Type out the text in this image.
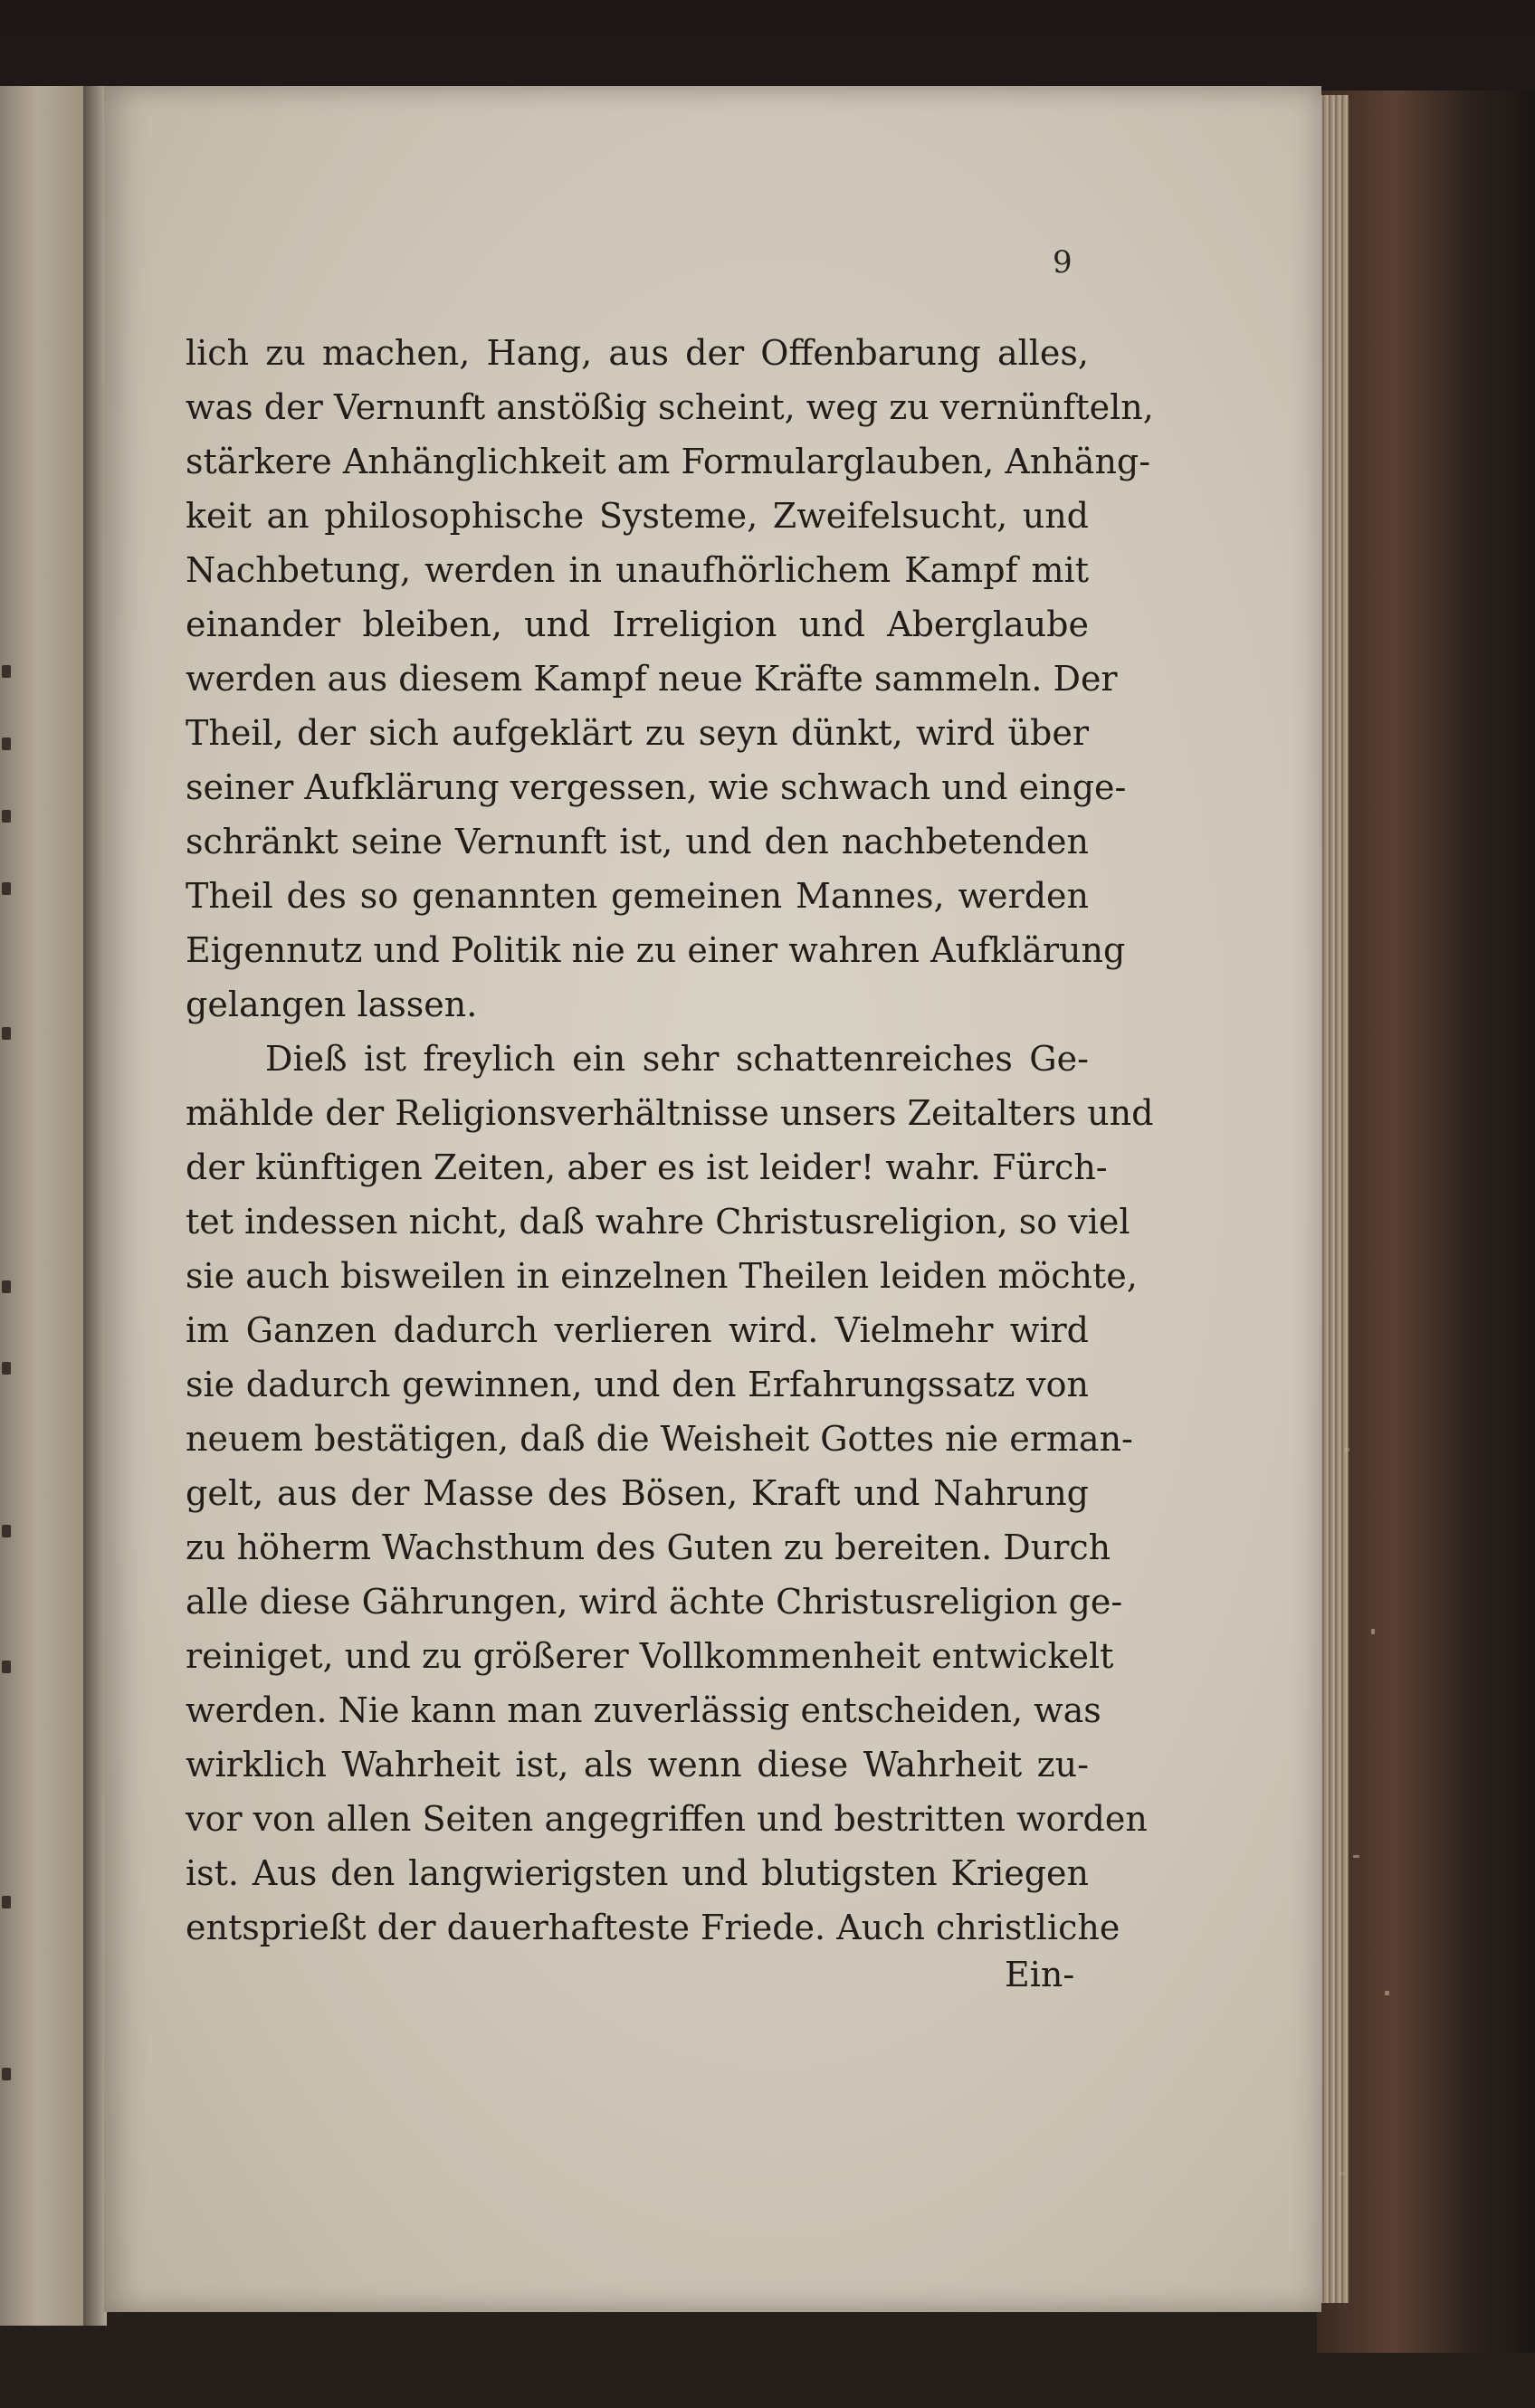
9
lich zu machen, Hang, aus der Offenbarung alles,
was der Vernunft anstößig scheint, weg zu vernünfteln,
stärkere Anhänglichkeit am Formularglauben, Anhäng-
keit an philosophische Systeme, Zweifelsucht, und
Nachbetung, werden in unaufhörlichem Kampf mit
einander bleiben, und Irreligion und Aberglaube
werden aus diesem Kampf neue Kräfte sammeln. Der
Theil, der sich aufgeklärt zu seyn dünkt, wird über
seiner Aufklärung vergessen, wie schwach und einge-
schränkt seine Vernunft ist, und den nachbetenden
Theil des so genannten gemeinen Mannes, werden
Eigennutz und Politik nie zu einer wahren Aufklärung
gelangen lassen.
Dieß ist freylich ein sehr schattenreiches Ge-
mählde der Religionsverhältnisse unsers Zeitalters und
der künftigen Zeiten, aber es ist leider! wahr. Fürch-
tet indessen nicht, daß wahre Christusreligion, so viel
sie auch bisweilen in einzelnen Theilen leiden möchte,
im Ganzen dadurch verlieren wird. Vielmehr wird
sie dadurch gewinnen, und den Erfahrungssatz von
neuem bestätigen, daß die Weisheit Gottes nie erman-
gelt, aus der Masse des Bösen, Kraft und Nahrung
zu höherm Wachsthum des Guten zu bereiten. Durch
alle diese Gährungen, wird ächte Christusreligion ge-
reiniget, und zu größerer Vollkommenheit entwickelt
werden. Nie kann man zuverlässig entscheiden, was
wirklich Wahrheit ist, als wenn diese Wahrheit zu-
vor von allen Seiten angegriffen und bestritten worden
ist. Aus den langwierigsten und blutigsten Kriegen
entsprießt der dauerhafteste Friede. Auch christliche
Ein-
